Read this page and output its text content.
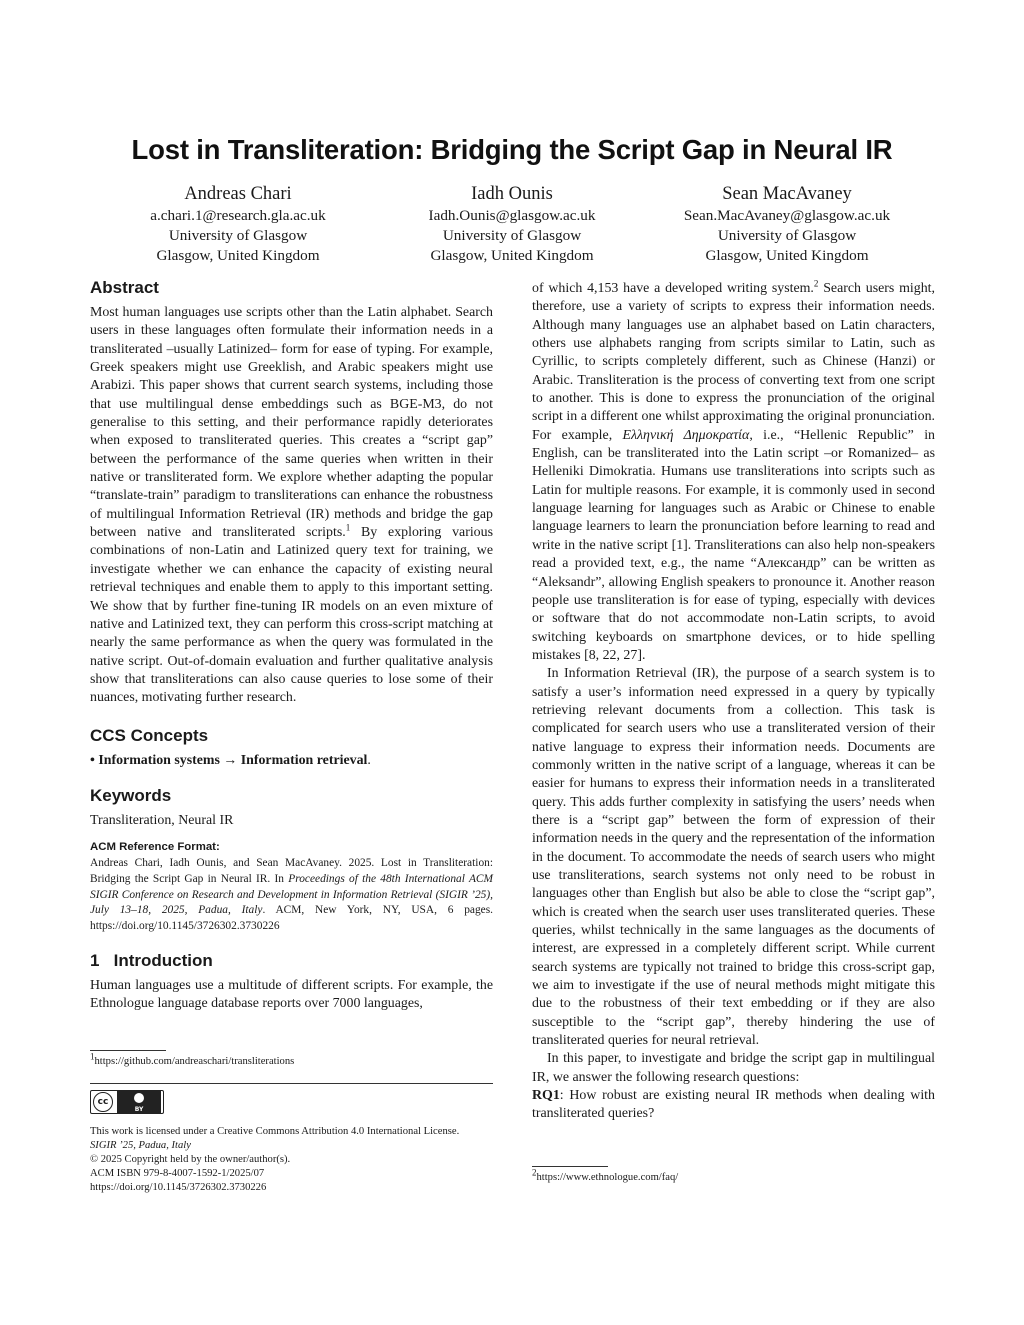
Lost in Transliteration: Bridging the Script Gap in Neural IR
Andreas Chari
a.chari.1@research.gla.ac.uk
University of Glasgow
Glasgow, United Kingdom
Iadh Ounis
Iadh.Ounis@glasgow.ac.uk
University of Glasgow
Glasgow, United Kingdom
Sean MacAvaney
Sean.MacAvaney@glasgow.ac.uk
University of Glasgow
Glasgow, United Kingdom
Abstract

Most human languages use scripts other than the Latin alphabet. Search users in these languages often formulate their information needs in a transliterated –usually Latinized– form for ease of typing. For example, Greek speakers might use Greeklish, and Arabic speakers might use Arabizi. This paper shows that current search systems, including those that use multilingual dense embeddings such as BGE-M3, do not generalise to this setting, and their performance rapidly deteriorates when exposed to transliterated queries. This creates a “script gap” between the performance of the same queries when written in their native or transliterated form. We explore whether adapting the popular “translate-train” paradigm to transliterations can enhance the robustness of multilingual Information Retrieval (IR) methods and bridge the gap between native and transliterated scripts.$^1$ By exploring various combinations of non-Latin and Latinized query text for training, we investigate whether we can enhance the capacity of existing neural retrieval techniques and enable them to apply to this important setting. We show that by further fine-tuning IR models on an even mixture of native and Latinized text, they can perform this cross-script matching at nearly the same performance as when the query was formulated in the native script. Out-of-domain evaluation and further qualitative analysis show that transliterations can also cause queries to lose some of their nuances, motivating further research.

CCS Concepts

• Information systems → Information retrieval.

Keywords

Transliteration, Neural IR

ACM Reference Format:
Andreas Chari, Iadh Ounis, and Sean MacAvaney. 2025. Lost in Transliteration: Bridging the Script Gap in Neural IR. In Proceedings of the 48th International ACM SIGIR Conference on Research and Development in Information Retrieval (SIGIR ’25), July 13–18, 2025, Padua, Italy. ACM, New York, NY, USA, 6 pages. https://doi.org/10.1145/3726302.3730226
1 Introduction

Human languages use a multitude of different scripts. For example, the Ethnologue language database reports over 7000 languages,

$^1$https://github.com/andreaschari/transliterations
cc
BY
This work is licensed under a Creative Commons Attribution 4.0 International License.
SIGIR ’25, Padua, Italy
© 2025 Copyright held by the owner/author(s).
ACM ISBN 979-8-4007-1592-1/2025/07
https://doi.org/10.1145/3726302.3730226

of which 4,153 have a developed writing system.$^2$ Search users might, therefore, use a variety of scripts to express their information needs. Although many languages use an alphabet based on Latin characters, others use alphabets ranging from scripts similar to Latin, such as Cyrillic, to scripts completely different, such as Chinese (Hanzi) or Arabic. Transliteration is the process of converting text from one script to another. This is done to express the pronunciation of the original script in a different one whilst approximating the original pronunciation. For example, Ελληνική Δημοκρατία, i.e., “Hellenic Republic” in English, can be transliterated into the Latin script –or Romanized– as Helleniki Dimokratia. Humans use transliterations into scripts such as Latin for multiple reasons. For example, it is commonly used in second language learning for languages such as Arabic or Chinese to enable language learners to learn the pronunciation before learning to read and write in the native script [1]. Transliterations can also help non-speakers read a provided text, e.g., the name “Александр” can be written as “Aleksandr”, allowing English speakers to pronounce it. Another reason people use transliteration is for ease of typing, especially with devices or software that do not accommodate non-Latin scripts, to avoid switching keyboards on smartphone devices, or to hide spelling mistakes [8, 22, 27].

In Information Retrieval (IR), the purpose of a search system is to satisfy a user’s information need expressed in a query by typically retrieving relevant documents from a collection. This task is complicated for search users who use a transliterated version of their native language to express their information needs. Documents are commonly written in the native script of a language, whereas it can be easier for humans to express their information needs in a transliterated query. This adds further complexity in satisfying the users’ needs when there is a “script gap” between the form of expression of their information needs in the query and the representation of the information in the document. To accommodate the needs of search users who might use transliterations, search systems not only need to be robust in languages other than English but also be able to close the “script gap”, which is created when the search user uses transliterated queries. These queries, whilst technically in the same languages as the documents of interest, are expressed in a completely different script. While current search systems are typically not trained to bridge this cross-script gap, we aim to investigate if the use of neural methods might mitigate this due to the robustness of their text embedding or if they are also susceptible to the “script gap”, thereby hindering the use of transliterated queries for neural retrieval.

In this paper, to investigate and bridge the script gap in multilingual IR, we answer the following research questions:

RQ1: How robust are existing neural IR methods when dealing with transliterated queries?

$^2$https://www.ethnologue.com/faq/
